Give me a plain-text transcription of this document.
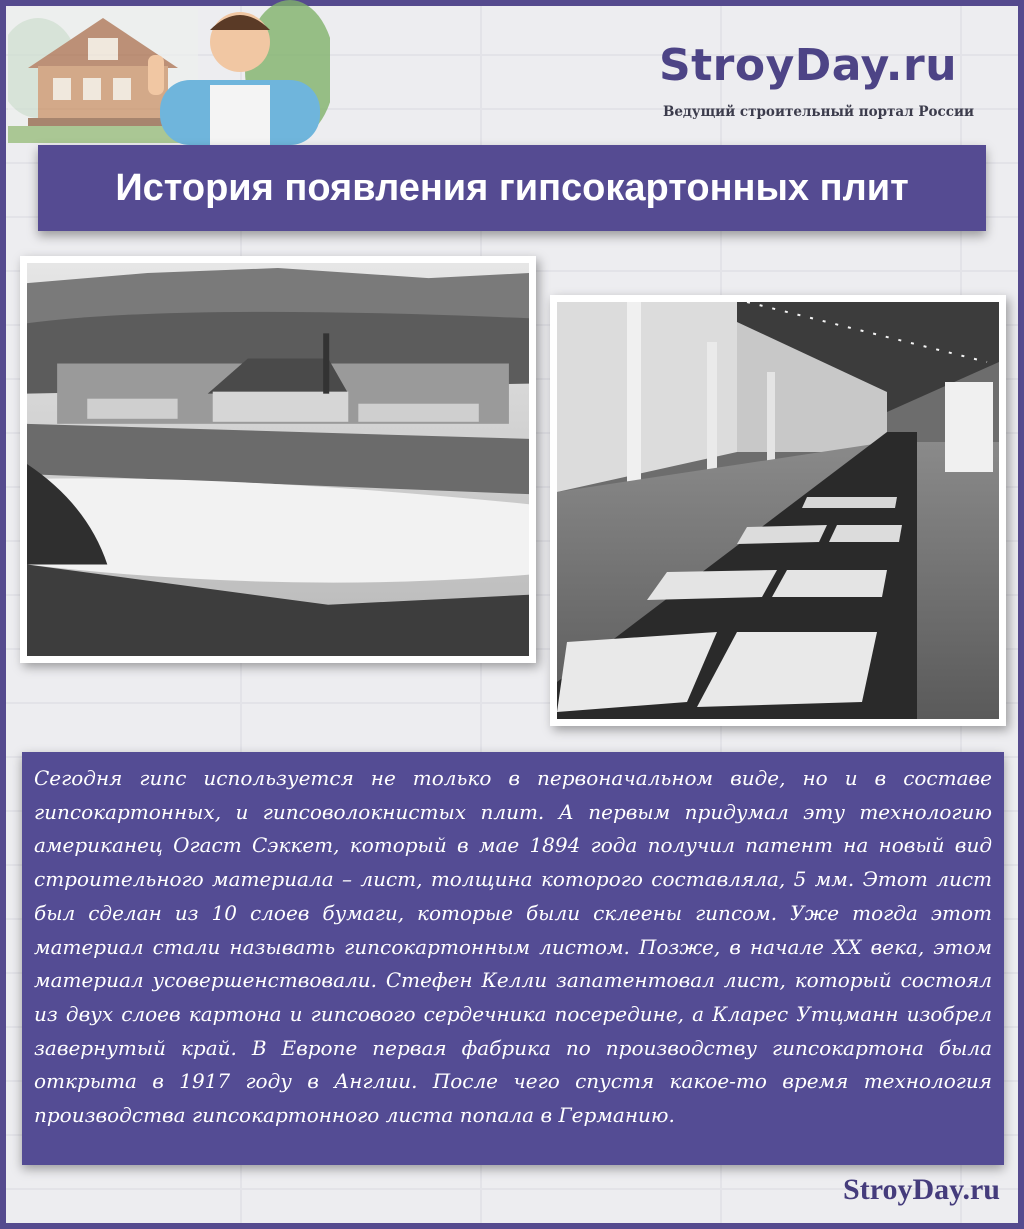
StroyDay.ru
Ведущий строительный портал России
История появления гипсокартонных плит

Сегодня гипс используется не только в первоначальном виде, но и в составе гипсокартонных, и гипсоволокнистых плит. А первым придумал эту технологию американец Огаст Сэккет, который в мае 1894 года получил патент на новый вид строительного материала – лист, толщина которого составляла, 5 мм. Этот лист был сделан из 10 слоев бумаги, которые были склеены гипсом. Уже тогда этот материал стали называть гипсокартонным листом. Позже, в начале XX века, этом материал усовершенствовали. Стефен Келли запатентовал лист, который состоял из двух слоев картона и гипсового сердечника посередине, а Кларес Утцманн изобрел завернутый край. В Европе первая фабрика по производству гипсокартона была открыта в 1917 году в Англии. После чего спустя какое-то время технология производства гипсокартонного листа попала в Германию.

StroyDay.ru
